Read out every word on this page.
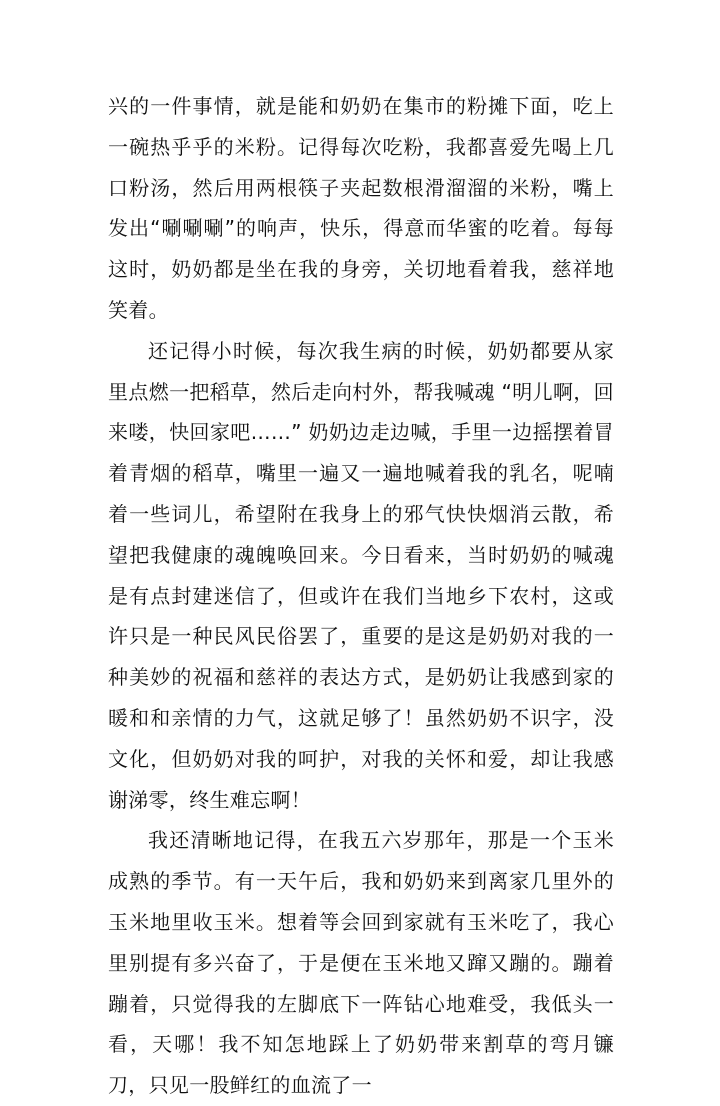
兴的一件事情，就是能和奶奶在集市的粉摊下面，吃上一碗热乎乎的米粉。记得每次吃粉，我都喜爱先喝上几口粉汤，然后用两根筷子夹起数根滑溜溜的米粉，嘴上发出“唰唰唰”的响声，快乐，得意而华蜜的吃着。每每这时，奶奶都是坐在我的身旁，关切地看着我，慈祥地笑着。

还记得小时候，每次我生病的时候，奶奶都要从家里点燃一把稻草，然后走向村外，帮我喊魂 “明儿啊，回来喽，快回家吧……” 奶奶边走边喊，手里一边摇摆着冒着青烟的稻草，嘴里一遍又一遍地喊着我的乳名，呢喃着一些词儿，希望附在我身上的邪气快快烟消云散，希望把我健康的魂魄唤回来。今日看来，当时奶奶的喊魂是有点封建迷信了，但或许在我们当地乡下农村，这或许只是一种民风民俗罢了，重要的是这是奶奶对我的一种美妙的祝福和慈祥的表达方式，是奶奶让我感到家的暖和和亲情的力气，这就足够了！虽然奶奶不识字，没文化，但奶奶对我的呵护，对我的关怀和爱，却让我感谢涕零，终生难忘啊！

我还清晰地记得，在我五六岁那年，那是一个玉米成熟的季节。有一天午后，我和奶奶来到离家几里外的玉米地里收玉米。想着等会回到家就有玉米吃了，我心里别提有多兴奋了，于是便在玉米地又蹿又蹦的。蹦着蹦着，只觉得我的左脚底下一阵钻心地难受，我低头一看，天哪！我不知怎地踩上了奶奶带来割草的弯月镰刀，只见一股鲜红的血流了一
